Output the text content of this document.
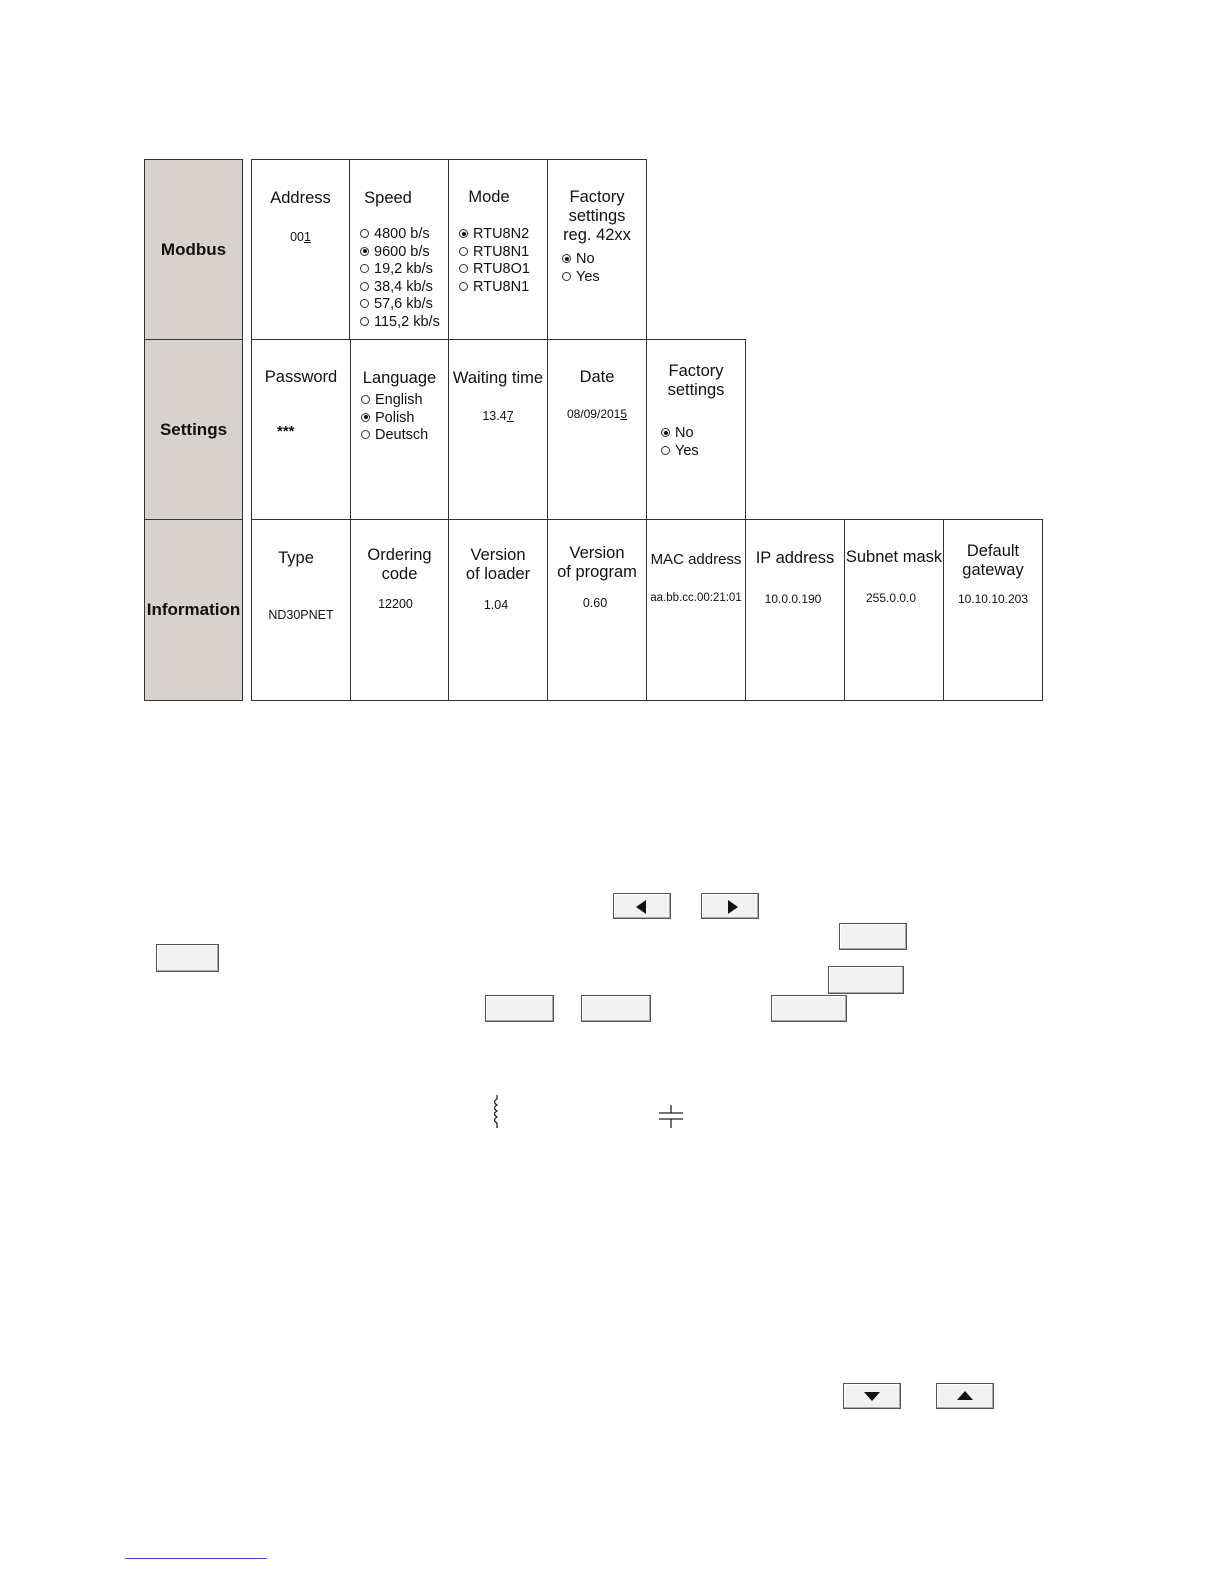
Modbus
Address
001
Speed
4800 b/s
9600 b/s
19,2 kb/s
38,4 kb/s
57,6 kb/s
115,2 kb/s
Mode
RTU8N2
RTU8N1
RTU8O1
RTU8N1
Factory
settings
reg. 42xx
No
Yes
Settings
Password
***
Language
English
Polish
Deutsch
Waiting time
13.47
Date
08/09/2015
Factory
settings
No
Yes
Information
Type
ND30PNET
Ordering
code
12200
Version
of loader
1.04
Version
of program
0.60
MAC address
aa.bb.cc.00:21:01
IP address
10.0.0.190
Subnet mask
255.0.0.0
Default
gateway
10.10.10.203
